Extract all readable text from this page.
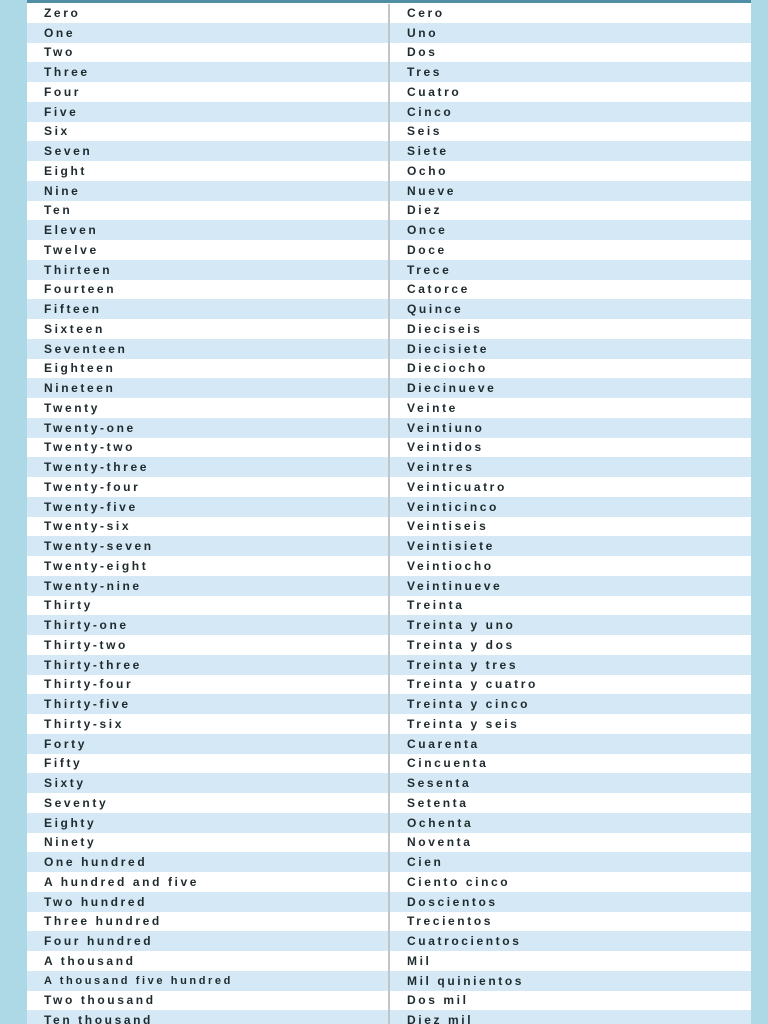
Zero	Cero
One	Uno
Two	Dos
Three	Tres
Four	Cuatro
Five	Cinco
Six	Seis
Seven	Siete
Eight	Ocho
Nine	Nueve
Ten	Diez
Eleven	Once
Twelve	Doce
Thirteen	Trece
Fourteen	Catorce
Fifteen	Quince
Sixteen	Dieciseis
Seventeen	Diecisiete
Eighteen	Dieciocho
Nineteen	Diecinueve
Twenty	Veinte
Twenty-one	Veintiuno
Twenty-two	Veintidos
Twenty-three	Veintres
Twenty-four	Veinticuatro
Twenty-five	Veinticinco
Twenty-six	Veintiseis
Twenty-seven	Veintisiete
Twenty-eight	Veintiocho
Twenty-nine	Veintinueve
Thirty	Treinta
Thirty-one	Treinta y uno
Thirty-two	Treinta y dos
Thirty-three	Treinta y tres
Thirty-four	Treinta y cuatro
Thirty-five	Treinta y cinco
Thirty-six	Treinta y seis
Forty	Cuarenta
Fifty	Cincuenta
Sixty	Sesenta
Seventy	Setenta
Eighty	Ochenta
Ninety	Noventa
One hundred	Cien
A hundred and five	Ciento cinco
Two hundred	Doscientos
Three hundred	Trecientos
Four hundred	Cuatrocientos
A thousand	Mil
A thousand five hundred	Mil quinientos
Two thousand	Dos mil
Ten thousand	Diez mil
